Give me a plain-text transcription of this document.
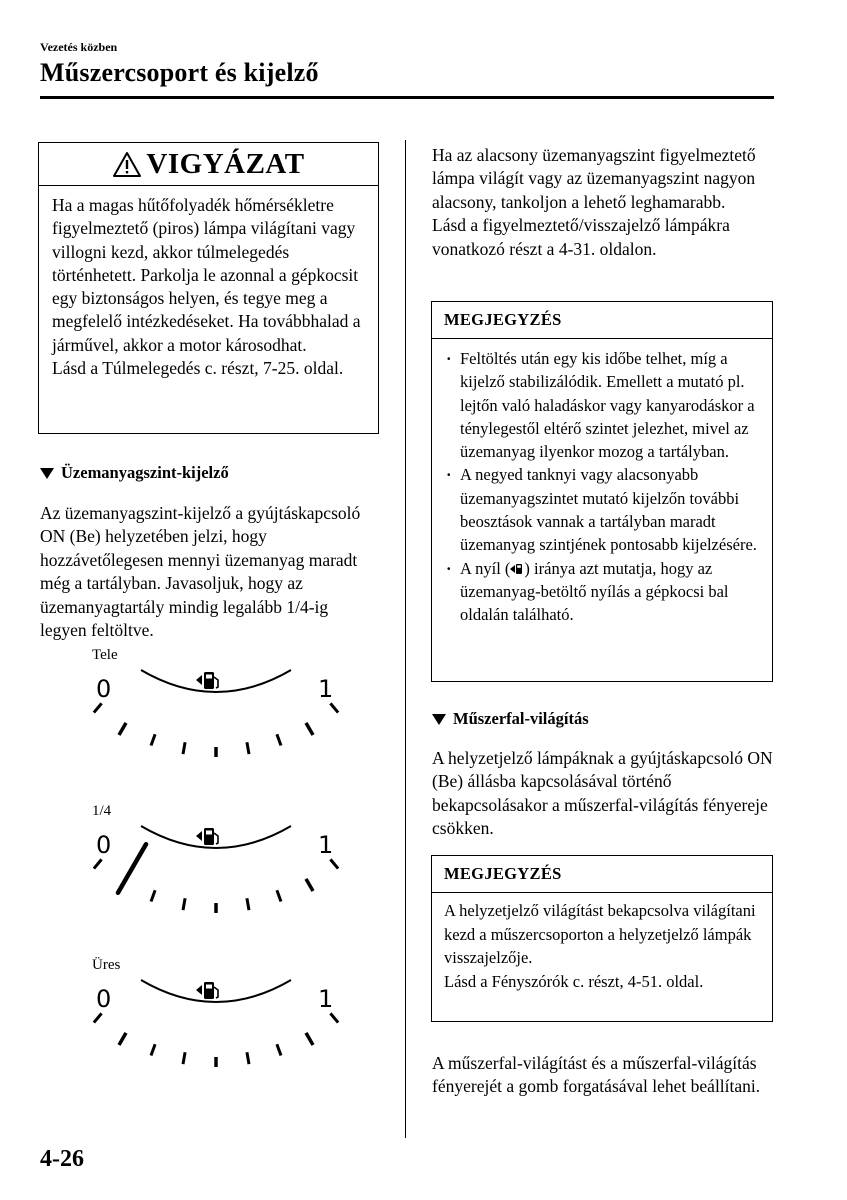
Vezetés közben
Műszercsoport és kijelző
VIGYÁZAT
Ha a magas hűtőfolyadék hőmérsékletre figyelmeztető (piros) lámpa világítani vagy villogni kezd, akkor túlmelegedés történhetett. Parkolja le azonnal a gépkocsit egy biztonságos helyen, és tegye meg a megfelelő intézkedéseket. Ha továbbhalad a járművel, akkor a motor károsodhat.
Lásd a Túlmelegedés c. részt, 7-25. oldal.
Üzemanyagszint-kijelző
Az üzemanyagszint-kijelző a gyújtáskapcsoló ON (Be) helyzetében jelzi, hogy hozzávetőlegesen mennyi üzemanyag maradt még a tartályban. Javasoljuk, hogy az üzemanyagtartály mindig legalább 1/4-ig legyen feltöltve.
Tele
0	1
1/4
0	1
Üres
0	1
Ha az alacsony üzemanyagszint figyelmeztető lámpa világít vagy az üzemanyagszint nagyon alacsony, tankoljon a lehető leghamarabb.
Lásd a figyelmeztető/visszajelző lámpákra vonatkozó részt a 4-31. oldalon.
MEGJEGYZÉS
· Feltöltés után egy kis időbe telhet, míg a kijelző stabilizálódik. Emellett a mutató pl. lejtőn való haladáskor vagy kanyarodáskor a ténylegestől eltérő szintet jelezhet, mivel az üzemanyag ilyenkor mozog a tartályban.
· A negyed tanknyi vagy alacsonyabb üzemanyagszintet mutató kijelzőn további beosztások vannak a tartályban maradt üzemanyag szintjének pontosabb kijelzésére.
· A nyíl ( ) iránya azt mutatja, hogy az üzemanyag-betöltő nyílás a gépkocsi bal oldalán található.
Műszerfal-világítás
A helyzetjelző lámpáknak a gyújtáskapcsoló ON (Be) állásba kapcsolásával történő bekapcsolásakor a műszerfal-világítás fényereje csökken.
MEGJEGYZÉS
A helyzetjelző világítást bekapcsolva világítani kezd a műszercsoporton a helyzetjelző lámpák visszajelzője.
Lásd a Fényszórók c. részt, 4-51. oldal.
A műszerfal-világítást és a műszerfal-világítás fényerejét a gomb forgatásával lehet beállítani.
4-26
